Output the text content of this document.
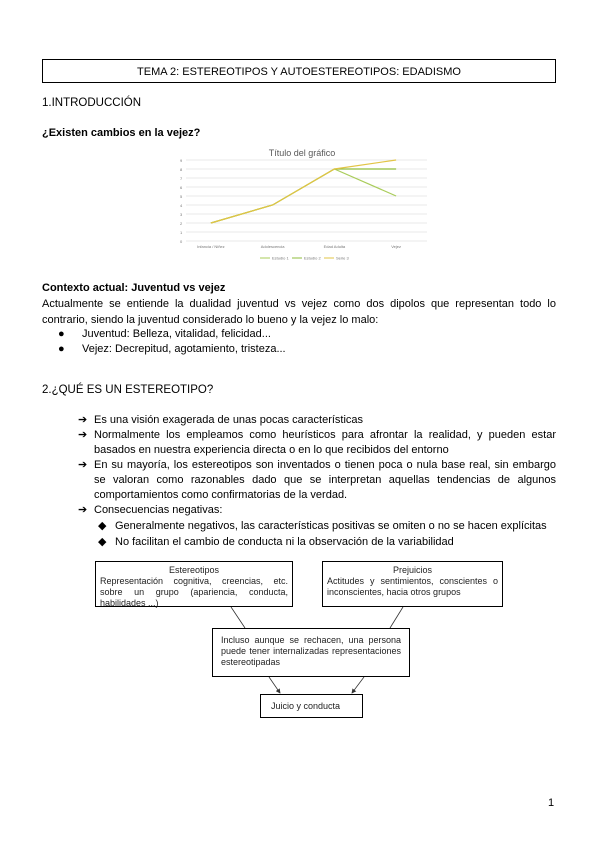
TEMA 2: ESTEREOTIPOS Y AUTOESTEREOTIPOS: EDADISMO
1.INTRODUCCIÓN
¿Existen cambios en la vejez?
Título del gráfico
0
1
2
3
4
5
6
7
8
9
Infancia / Niñez	Adolescencia	Edad Adulta	Vejez
Estudio 1	Estudio 2	Serie 3
Contexto actual: Juventud vs vejez

Actualmente se entiende la dualidad juventud vs vejez como dos dipolos que representan todo lo contrario, siendo la juventud considerado lo bueno y la vejez lo malo:

● Juventud: Belleza, vitalidad, felicidad...
● Vejez: Decrepitud, agotamiento, tristeza...
2.¿QUÉ ES UN ESTEREOTIPO?
➔ Es una visión exagerada de unas pocas características
➔ Normalmente los empleamos como heurísticos para afrontar la realidad, y pueden estar basados en nuestra experiencia directa o en lo que recibidos del entorno
➔ En su mayoría, los estereotipos son inventados o tienen poca o nula base real, sin embargo se valoran como razonables dado que se interpretan aquellas tendencias de algunos comportamientos como confirmatorias de la verdad.
➔ Consecuencias negativas:
◆ Generalmente negativos, las características positivas se omiten o no se hacen explícitas
◆ No facilitan el cambio de conducta ni la observación de la variabilidad
Estereotipos
Representación cognitiva, creencias, etc. sobre un grupo (apariencia, conducta, habilidades ...)
Prejuicios
Actitudes y sentimientos, conscientes o inconscientes, hacia otros grupos
Incluso aunque se rechacen, una persona puede tener internalizadas representaciones estereotipadas
Juicio y conducta
1
